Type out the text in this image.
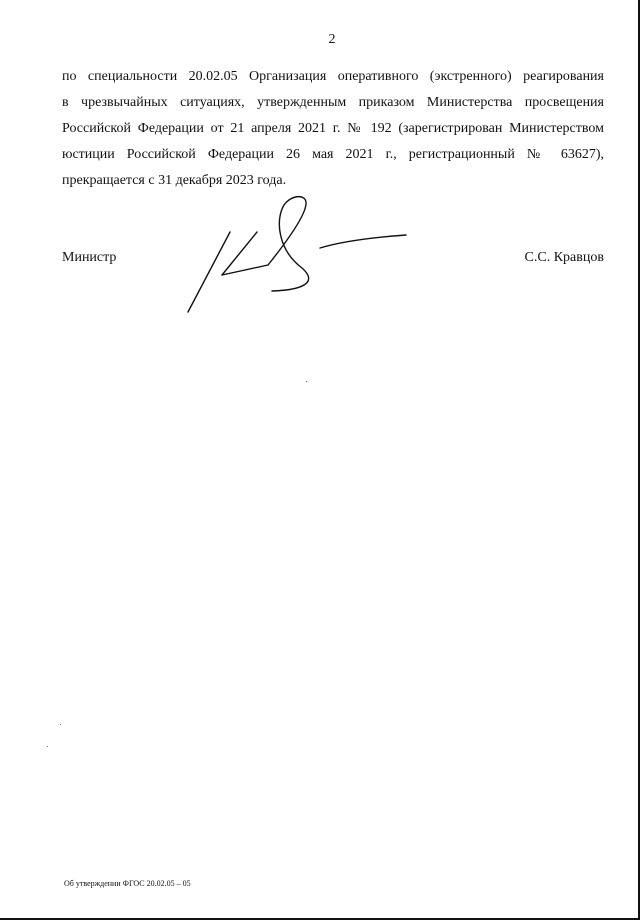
2
по специальности 20.02.05 Организация оперативного (экстренного) реагирования
в чрезвычайных ситуациях, утвержденным приказом Министерства просвещения
Российской Федерации от 21 апреля 2021 г. № 192 (зарегистрирован Министерством
юстиции Российской Федерации 26 мая 2021 г., регистрационный № 63627),
прекращается с 31 декабря 2023 года.
Министр	С.С. Кравцов
Об утверждении ФГОС 20.02.05 – 05
